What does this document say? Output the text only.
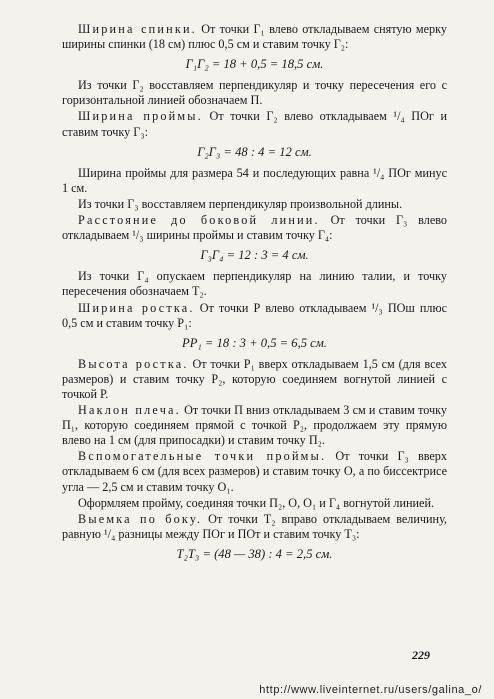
Ширина спинки. От точки Г₁ влево откладываем снятую мерку ширины спинки (18 см) плюс 0,5 см и ставим точку Г₂:
Г₁Г₂ = 18 + 0,5 = 18,5 см.
Из точки Г₂ восставляем перпендикуляр и точку пересечения его с горизонтальной линией обозначаем П.
Ширина проймы. От точки Г₂ влево откладываем ¹/₄ ПОг и ставим точку Г₃:
Г₂Г₃ = 48 : 4 = 12 см.
Ширина проймы для размера 54 и последующих равна ¹/₄ ПОг минус 1 см.
Из точки Г₃ восставляем перпендикуляр произвольной длины.
Расстояние до боковой линии. От точки Г₃ влево откладываем ¹/₃ ширины проймы и ставим точку Г₄:
Г₃Г₄ = 12 : 3 = 4 см.
Из точки Г₄ опускаем перпендикуляр на линию талии, и точку пересечения обозначаем Т₂.
Ширина ростка. От точки Р влево откладываем ¹/₃ ПОш плюс 0,5 см и ставим точку Р₁:
РР₁ = 18 : 3 + 0,5 = 6,5 см.
Высота ростка. От точки Р₁ вверх откладываем 1,5 см (для всех размеров) и ставим точку Р₂, которую соединяем вогнутой линией с точкой Р.
Наклон плеча. От точки П вниз откладываем 3 см и ставим точку П₁, которую соединяем прямой с точкой Р₂, продолжаем эту прямую влево на 1 см (для припосадки) и ставим точку П₂.
Вспомогательные точки проймы. От точки Г₃ вверх откладываем 6 см (для всех размеров) и ставим точку О, а по биссектрисе угла — 2,5 см и ставим точку О₁.
Оформляем пройму, соединяя точки П₂, О, О₁ и Г₄ вогнутой линией.
Выемка по боку. От точки Т₂ вправо откладываем величину, равную ¹/₄ разницы между ПОг и ПОт и ставим точку Т₃:
Т₂Т₃ = (48 — 38) : 4 = 2,5 см.
229
http://www.liveinternet.ru/users/galina_o/
